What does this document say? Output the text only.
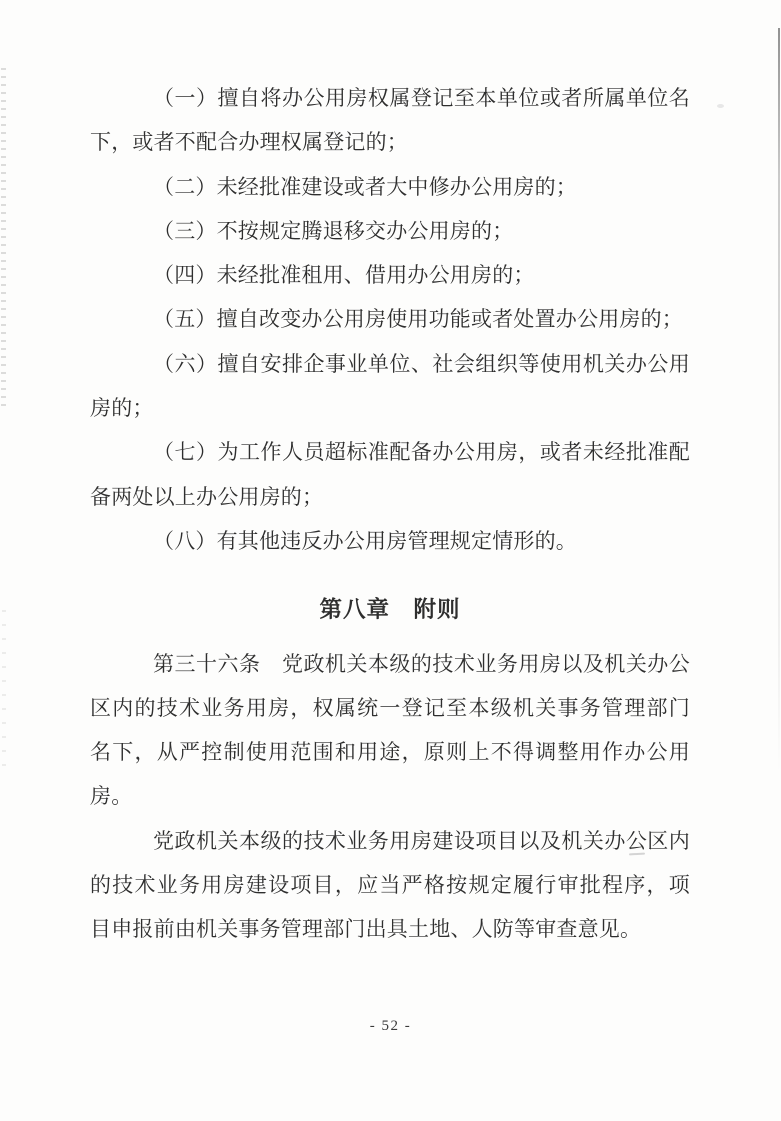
（一）擅自将办公用房权属登记至本单位或者所属单位名
下，或者不配合办理权属登记的；
（二）未经批准建设或者大中修办公用房的；
（三）不按规定腾退移交办公用房的；
（四）未经批准租用、借用办公用房的；
（五）擅自改变办公用房使用功能或者处置办公用房的；
（六）擅自安排企事业单位、社会组织等使用机关办公用
房的；
（七）为工作人员超标准配备办公用房，或者未经批准配
备两处以上办公用房的；
（八）有其他违反办公用房管理规定情形的。
第八章　附则
第三十六条　党政机关本级的技术业务用房以及机关办公
区内的技术业务用房，权属统一登记至本级机关事务管理部门
名下，从严控制使用范围和用途，原则上不得调整用作办公用
房。
党政机关本级的技术业务用房建设项目以及机关办公区内
的技术业务用房建设项目，应当严格按规定履行审批程序，项
目申报前由机关事务管理部门出具土地、人防等审查意见。
- 52 -
